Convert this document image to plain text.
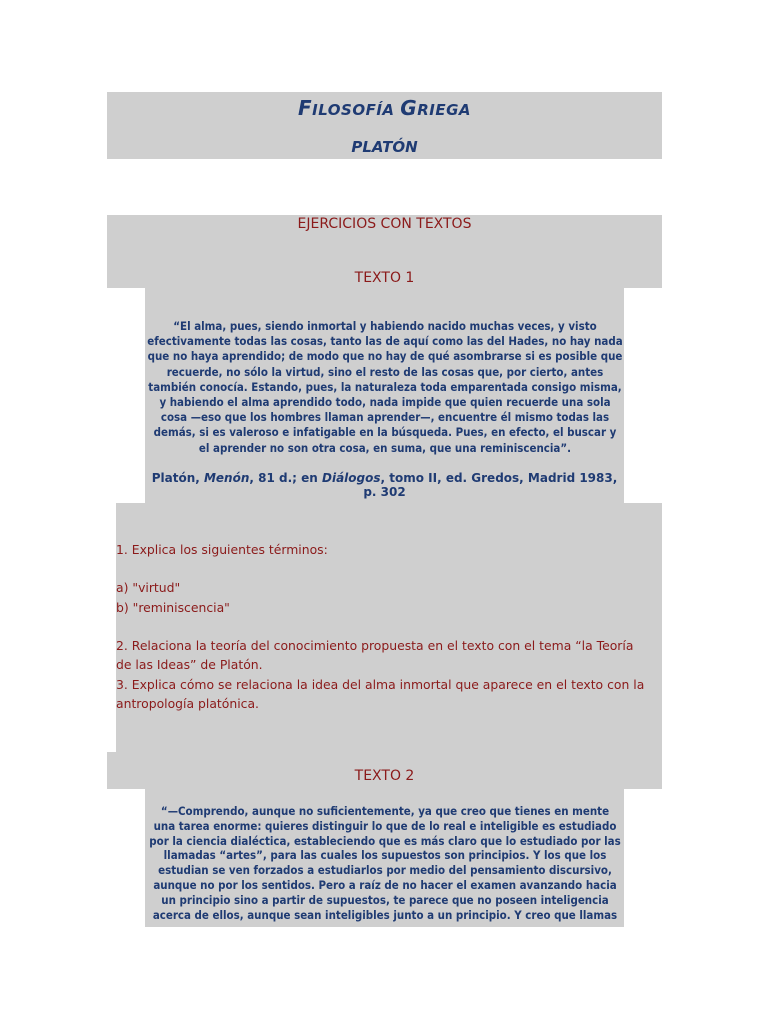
FILOSOFÍA GRIEGA
PLATÓN
EJERCICIOS CON TEXTOS
TEXTO 1
“El alma, pues, siendo inmortal y habiendo nacido muchas veces, y visto
efectivamente todas las cosas, tanto las de aquí como las del Hades, no hay nada
que no haya aprendido; de modo que no hay de qué asombrarse si es posible que
recuerde, no sólo la virtud, sino el resto de las cosas que, por cierto, antes
también conocía. Estando, pues, la naturaleza toda emparentada consigo misma,
y habiendo el alma aprendido todo, nada impide que quien recuerde una sola
cosa —eso que los hombres llaman aprender—, encuentre él mismo todas las
demás, si es valeroso e infatigable en la búsqueda. Pues, en efecto, el buscar y
el aprender no son otra cosa, en suma, que una reminiscencia”.
Platón, Menón, 81 d.; en Diálogos, tomo II, ed. Gredos, Madrid 1983, p. 302
1. Explica los siguientes términos:
a) "virtud"
b) "reminiscencia"
2. Relaciona la teoría del conocimiento propuesta en el texto con el tema “la Teoría
de las Ideas” de Platón.
3. Explica cómo se relaciona la idea del alma inmortal que aparece en el texto con la
antropología platónica.
TEXTO 2
“—Comprendo, aunque no suficientemente, ya que creo que tienes en mente
una tarea enorme: quieres distinguir lo que de lo real e inteligible es estudiado
por la ciencia dialéctica, estableciendo que es más claro que lo estudiado por las
llamadas “artes”, para las cuales los supuestos son principios. Y los que los
estudian se ven forzados a estudiarlos por medio del pensamiento discursivo,
aunque no por los sentidos. Pero a raíz de no hacer el examen avanzando hacia
un principio sino a partir de supuestos, te parece que no poseen inteligencia
acerca de ellos, aunque sean inteligibles junto a un principio. Y creo que llamas
